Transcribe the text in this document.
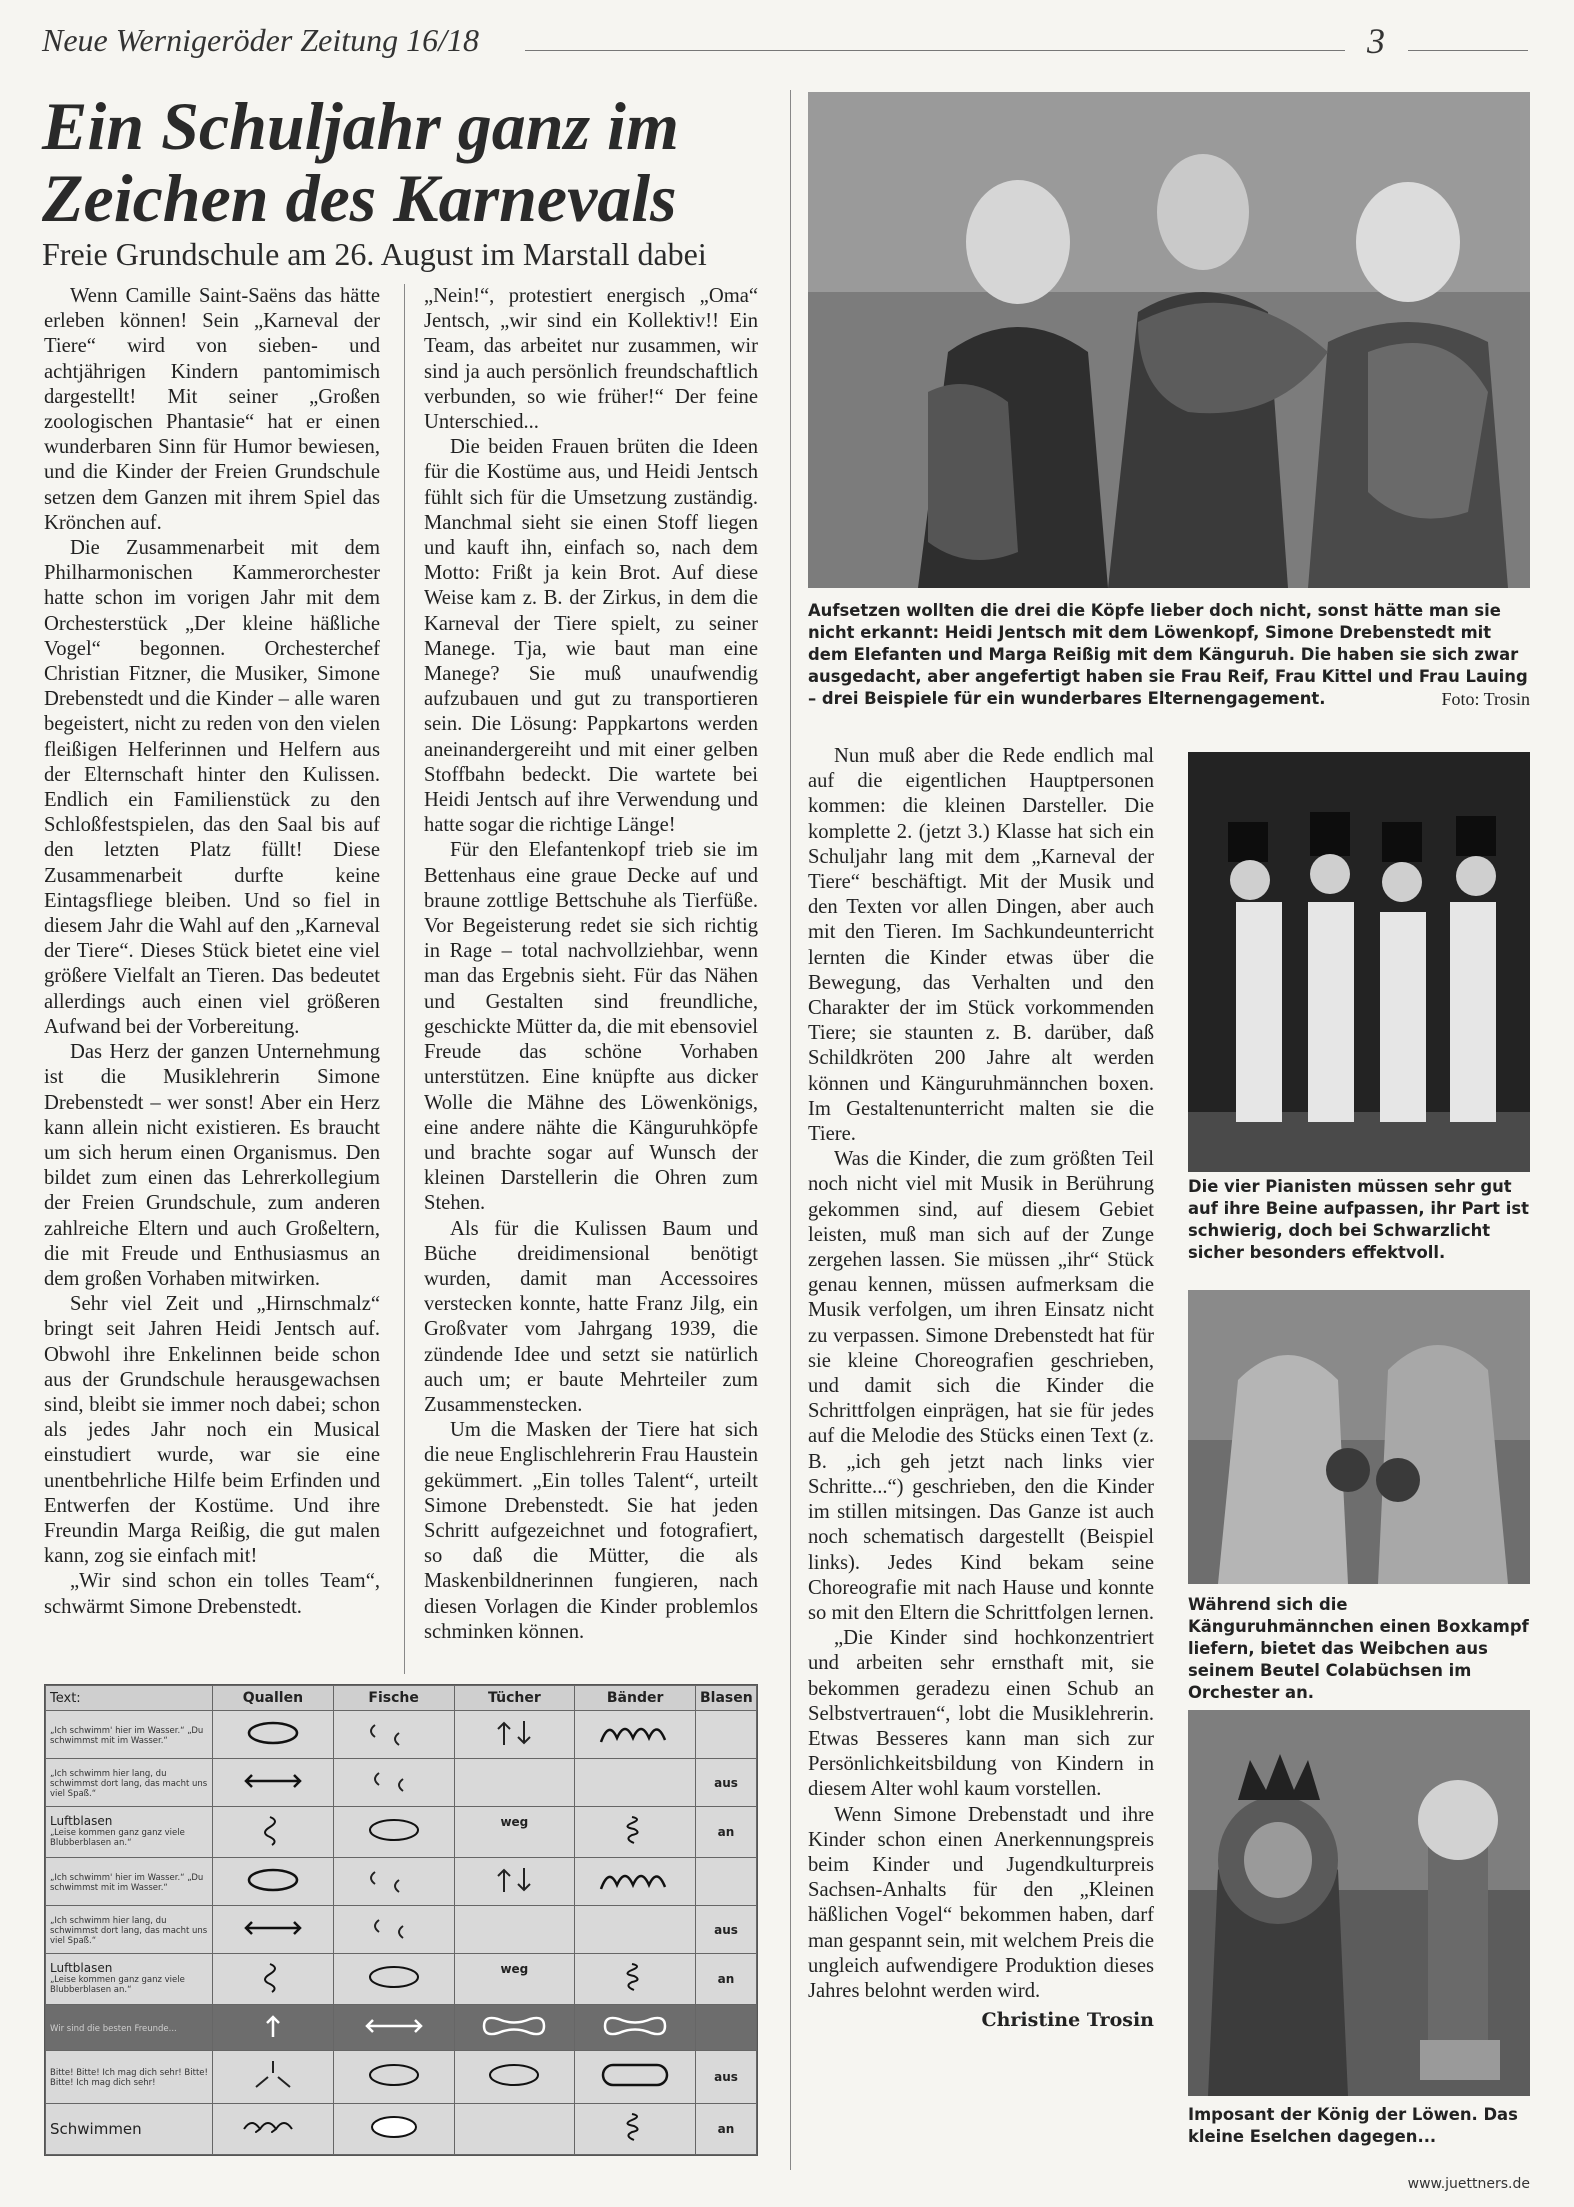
Neue Wernigeröder Zeitung 16/18	3
Ein Schuljahr ganz im
Zeichen des Karnevals
Freie Grundschule am 26. August im Marstall dabei

Wenn Camille Saint-Saëns das hätte erleben können! Sein „Karneval der Tiere“ wird von sieben- und achtjährigen Kindern pantomimisch dargestellt! Mit seiner „Großen zoologischen Phantasie“ hat er einen wunderbaren Sinn für Humor bewiesen, und die Kinder der Freien Grundschule setzen dem Ganzen mit ihrem Spiel das Krönchen auf.

Die Zusammenarbeit mit dem Philharmonischen Kammerorchester hatte schon im vorigen Jahr mit dem Orchesterstück „Der kleine häßliche Vogel“ begonnen. Orchesterchef Christian Fitzner, die Musiker, Simone Drebenstedt und die Kinder – alle waren begeistert, nicht zu reden von den vielen fleißigen Helferinnen und Helfern aus der Elternschaft hinter den Kulissen. Endlich ein Familienstück zu den Schloßfestspielen, das den Saal bis auf den letzten Platz füllt! Diese Zusammenarbeit durfte keine Eintagsfliege bleiben. Und so fiel in diesem Jahr die Wahl auf den „Karneval der Tiere“. Dieses Stück bietet eine viel größere Vielfalt an Tieren. Das bedeutet allerdings auch einen viel größeren Aufwand bei der Vorbereitung.

Das Herz der ganzen Unternehmung ist die Musiklehrerin Simone Drebenstedt – wer sonst! Aber ein Herz kann allein nicht existieren. Es braucht um sich herum einen Organismus. Den bildet zum einen das Lehrerkollegium der Freien Grundschule, zum anderen zahlreiche Eltern und auch Großeltern, die mit Freude und Enthusiasmus an dem großen Vorhaben mitwirken.

Sehr viel Zeit und „Hirnschmalz“ bringt seit Jahren Heidi Jentsch auf. Obwohl ihre Enkelinnen beide schon aus der Grundschule herausgewachsen sind, bleibt sie immer noch dabei; schon als jedes Jahr noch ein Musical einstudiert wurde, war sie eine unentbehrliche Hilfe beim Erfinden und Entwerfen der Kostüme. Und ihre Freundin Marga Reißig, die gut malen kann, zog sie einfach mit!

„Wir sind schon ein tolles Team“, schwärmt Simone Drebenstedt.

„Nein!“, protestiert energisch „Oma“ Jentsch, „wir sind ein Kollektiv!! Ein Team, das arbeitet nur zusammen, wir sind ja auch persönlich freundschaftlich verbunden, so wie früher!“ Der feine Unterschied...

Die beiden Frauen brüten die Ideen für die Kostüme aus, und Heidi Jentsch fühlt sich für die Umsetzung zuständig. Manchmal sieht sie einen Stoff liegen und kauft ihn, einfach so, nach dem Motto: Frißt ja kein Brot. Auf diese Weise kam z. B. der Zirkus, in dem die Karneval der Tiere spielt, zu seiner Manege. Tja, wie baut man eine Manege? Sie muß unaufwendig aufzubauen und gut zu transportieren sein. Die Lösung: Pappkartons werden aneinandergereiht und mit einer gelben Stoffbahn bedeckt. Die wartete bei Heidi Jentsch auf ihre Verwendung und hatte sogar die richtige Länge!

Für den Elefantenkopf trieb sie im Bettenhaus eine graue Decke auf und braune zottlige Bettschuhe als Tierfüße. Vor Begeisterung redet sie sich richtig in Rage – total nachvollziehbar, wenn man das Ergebnis sieht. Für das Nähen und Gestalten sind freundliche, geschickte Mütter da, die mit ebensoviel Freude das schöne Vorhaben unterstützen. Eine knüpfte aus dicker Wolle die Mähne des Löwenkönigs, eine andere nähte die Känguruhköpfe und brachte sogar auf Wunsch der kleinen Darstellerin die Ohren zum Stehen.

Als für die Kulissen Baum und Büche dreidimensional benötigt wurden, damit man Accessoires verstecken konnte, hatte Franz Jilg, ein Großvater vom Jahrgang 1939, die zündende Idee und setzt sie natürlich auch um; er baute Mehrteiler zum Zusammenstecken.

Um die Masken der Tiere hat sich die neue Englischlehrerin Frau Haustein gekümmert. „Ein tolles Talent“, urteilt Simone Drebenstedt. Sie hat jeden Schritt aufgezeichnet und fotografiert, so daß die Mütter, die als Maskenbildnerinnen fungieren, nach diesen Vorlagen die Kinder problemlos schminken können.

Aufsetzen wollten die drei die Köpfe lieber doch nicht, sonst hätte man sie nicht erkannt: Heidi Jentsch mit dem Löwenkopf, Simone Drebenstedt mit dem Elefanten und Marga Reißig mit dem Känguruh. Die haben sie sich zwar ausgedacht, aber angefertigt haben sie Frau Reif, Frau Kittel und Frau Lauing – drei Beispiele für ein wunderbares Elternengagement.	Foto: Trosin

Nun muß aber die Rede endlich mal auf die eigentlichen Hauptpersonen kommen: die kleinen Darsteller. Die komplette 2. (jetzt 3.) Klasse hat sich ein Schuljahr lang mit dem „Karneval der Tiere“ beschäftigt. Mit der Musik und den Texten vor allen Dingen, aber auch mit den Tieren. Im Sachkundeunterricht lernten die Kinder etwas über die Bewegung, das Verhalten und den Charakter der im Stück vorkommenden Tiere; sie staunten z. B. darüber, daß Schildkröten 200 Jahre alt werden können und Känguruhmännchen boxen. Im Gestaltenunterricht malten sie die Tiere.

Was die Kinder, die zum größten Teil noch nicht viel mit Musik in Berührung gekommen sind, auf diesem Gebiet leisten, muß man sich auf der Zunge zergehen lassen. Sie müssen „ihr“ Stück genau kennen, müssen aufmerksam die Musik verfolgen, um ihren Einsatz nicht zu verpassen. Simone Drebenstedt hat für sie kleine Choreografien geschrieben, und damit sich die Kinder die Schrittfolgen einprägen, hat sie für jedes auf die Melodie des Stücks einen Text (z. B. „ich geh jetzt nach links vier Schritte...“) geschrieben, den die Kinder im stillen mitsingen. Das Ganze ist auch noch schematisch dargestellt (Beispiel links). Jedes Kind bekam seine Choreografie mit nach Hause und konnte so mit den Eltern die Schrittfolgen lernen.

„Die Kinder sind hochkonzentriert und arbeiten sehr ernsthaft mit, sie bekommen geradezu einen Schub an Selbstvertrauen“, lobt die Musiklehrerin. Etwas Besseres kann man sich zur Persönlichkeitsbildung von Kindern in diesem Alter wohl kaum vorstellen.

Wenn Simone Drebenstadt und ihre Kinder schon einen Anerkennungspreis beim Kinder und Jugendkulturpreis Sachsen-Anhalts für den „Kleinen häßlichen Vogel“ bekommen haben, darf man gespannt sein, mit welchem Preis die ungleich aufwendigere Produktion dieses Jahres belohnt werden wird.

Christine Trosin
Die vier Pianisten müssen sehr gut auf ihre Beine aufpassen, ihr Part ist schwierig, doch bei Schwarzlicht sicher besonders effektvoll.
Während sich die Känguruhmännchen einen Boxkampf liefern, bietet das Weibchen aus seinem Beutel Colabüchsen im Orchester an.
Imposant der König der Löwen. Das kleine Eselchen dagegen...
Text:	Quallen	Fische	Tücher	Bänder	Blasen

„Ich schwimm' hier im Wasser.“ „Du schwimmst mit im Wasser.“					

„Ich schwimm hier lang, du schwimmst dort lang, das macht uns viel Spaß.“					aus

Luftblasen
„Leise kommen ganz ganz viele Blubberblasen an.“			weg		an

„Ich schwimm' hier im Wasser.“ „Du schwimmst mit im Wasser.“					

„Ich schwimm hier lang, du schwimmst dort lang, das macht uns viel Spaß.“					aus

Luftblasen
„Leise kommen ganz ganz viele Blubberblasen an.“			weg		an

Wir sind die besten Freunde...					

Bitte! Bitte! Ich mag dich sehr! Bitte! Bitte! Ich mag dich sehr!					aus

Schwimmen					an
www.juettners.de
